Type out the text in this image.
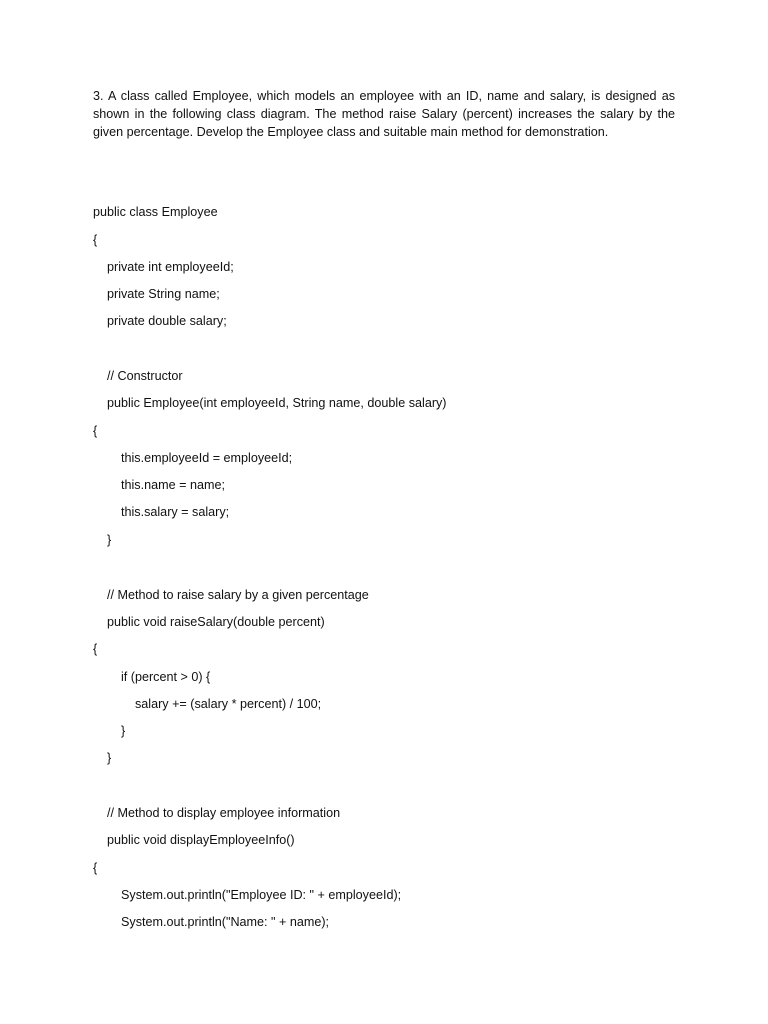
3. A class called Employee, which models an employee with an ID, name and salary, is designed as shown in the following class diagram. The method raise Salary (percent) increases the salary by the given percentage. Develop the Employee class and suitable main method for demonstration.

public class Employee
{
private int employeeId;
private String name;
private double salary;
// Constructor
public Employee(int employeeId, String name, double salary)
{
this.employeeId = employeeId;
this.name = name;
this.salary = salary;
}
// Method to raise salary by a given percentage
public void raiseSalary(double percent)
{
if (percent > 0) {
salary += (salary * percent) / 100;
}
}
// Method to display employee information
public void displayEmployeeInfo()
{
System.out.println("Employee ID: " + employeeId);
System.out.println("Name: " + name);
